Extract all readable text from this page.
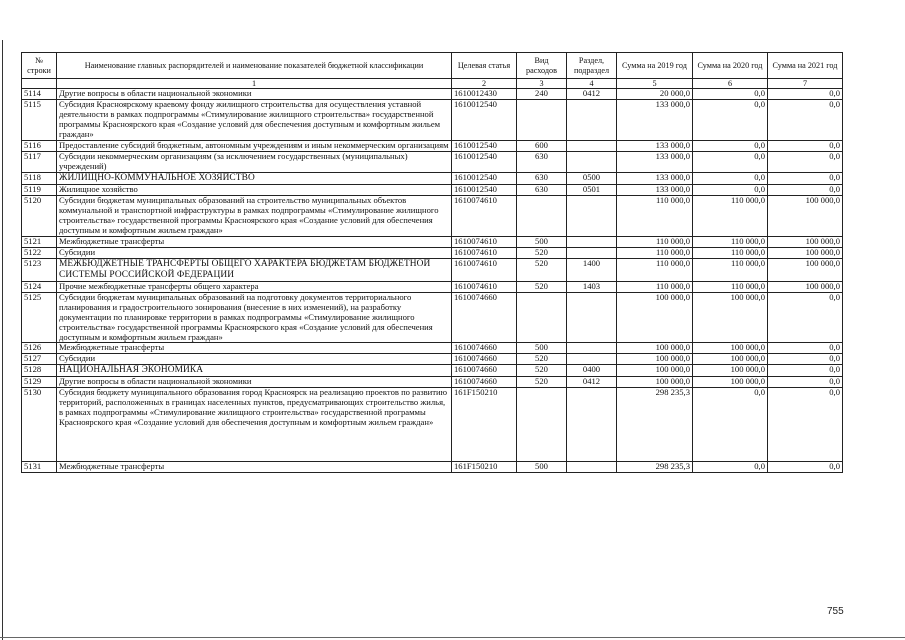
№ строки	Наименование главных распорядителей и наименование показателей бюджетной классификации	Целевая статья	Вид расходов	Раздел, подраздел	Сумма на 2019 год	Сумма на 2020 год	Сумма на 2021 год
	1	2	3	4	5	6	7
5114	Другие вопросы в области национальной экономики	1610012430	240	0412	20 000,0	0,0	0,0
5115	Субсидия Красноярскому краевому фонду жилищного строительства для осуществления уставной деятельности в рамках подпрограммы «Стимулирование жилищного строительства» государственной программы Красноярского края «Создание условий для обеспечения доступным и комфортным жильем граждан»	1610012540			133 000,0	0,0	0,0
5116	Предоставление субсидий бюджетным, автономным учреждениям и иным некоммерческим организациям	1610012540	600		133 000,0	0,0	0,0
5117	Субсидии некоммерческим организациям (за исключением государственных (муниципальных) учреждений)	1610012540	630		133 000,0	0,0	0,0
5118	ЖИЛИЩНО-КОММУНАЛЬНОЕ ХОЗЯЙСТВО	1610012540	630	0500	133 000,0	0,0	0,0
5119	Жилищное хозяйство	1610012540	630	0501	133 000,0	0,0	0,0
5120	Субсидии бюджетам муниципальных образований на строительство муниципальных объектов коммунальной и транспортной инфраструктуры в рамках подпрограммы «Стимулирование жилищного строительства» государственной программы Красноярского края «Создание условий для обеспечения доступным и комфортным жильем граждан»	1610074610			110 000,0	110 000,0	100 000,0
5121	Межбюджетные трансферты	1610074610	500		110 000,0	110 000,0	100 000,0
5122	Субсидии	1610074610	520		110 000,0	110 000,0	100 000,0
5123	МЕЖБЮДЖЕТНЫЕ ТРАНСФЕРТЫ ОБЩЕГО ХАРАКТЕРА БЮДЖЕТАМ БЮДЖЕТНОЙ СИСТЕМЫ РОССИЙСКОЙ ФЕДЕРАЦИИ	1610074610	520	1400	110 000,0	110 000,0	100 000,0
5124	Прочие межбюджетные трансферты общего характера	1610074610	520	1403	110 000,0	110 000,0	100 000,0
5125	Субсидии бюджетам муниципальных образований на подготовку документов территориального планирования и градостроительного зонирования (внесение в них изменений), на разработку документации по планировке территории в рамках подпрограммы «Стимулирование жилищного строительства» государственной программы Красноярского края «Создание условий для обеспечения доступным и комфортным жильем граждан»	1610074660			100 000,0	100 000,0	0,0
5126	Межбюджетные трансферты	1610074660	500		100 000,0	100 000,0	0,0
5127	Субсидии	1610074660	520		100 000,0	100 000,0	0,0
5128	НАЦИОНАЛЬНАЯ ЭКОНОМИКА	1610074660	520	0400	100 000,0	100 000,0	0,0
5129	Другие вопросы в области национальной экономики	1610074660	520	0412	100 000,0	100 000,0	0,0
5130	Субсидия бюджету муниципального образования город Красноярск на реализацию проектов по развитию территорий, расположенных в границах населенных пунктов, предусматривающих строительство жилья, в рамках подпрограммы «Стимулирование жилищного строительства» государственной программы Красноярского края «Создание условий для обеспечения доступным и комфортным жильем граждан»	161F150210			298 235,3	0,0	0,0
5131	Межбюджетные трансферты	161F150210	500		298 235,3	0,0	0,0
755
